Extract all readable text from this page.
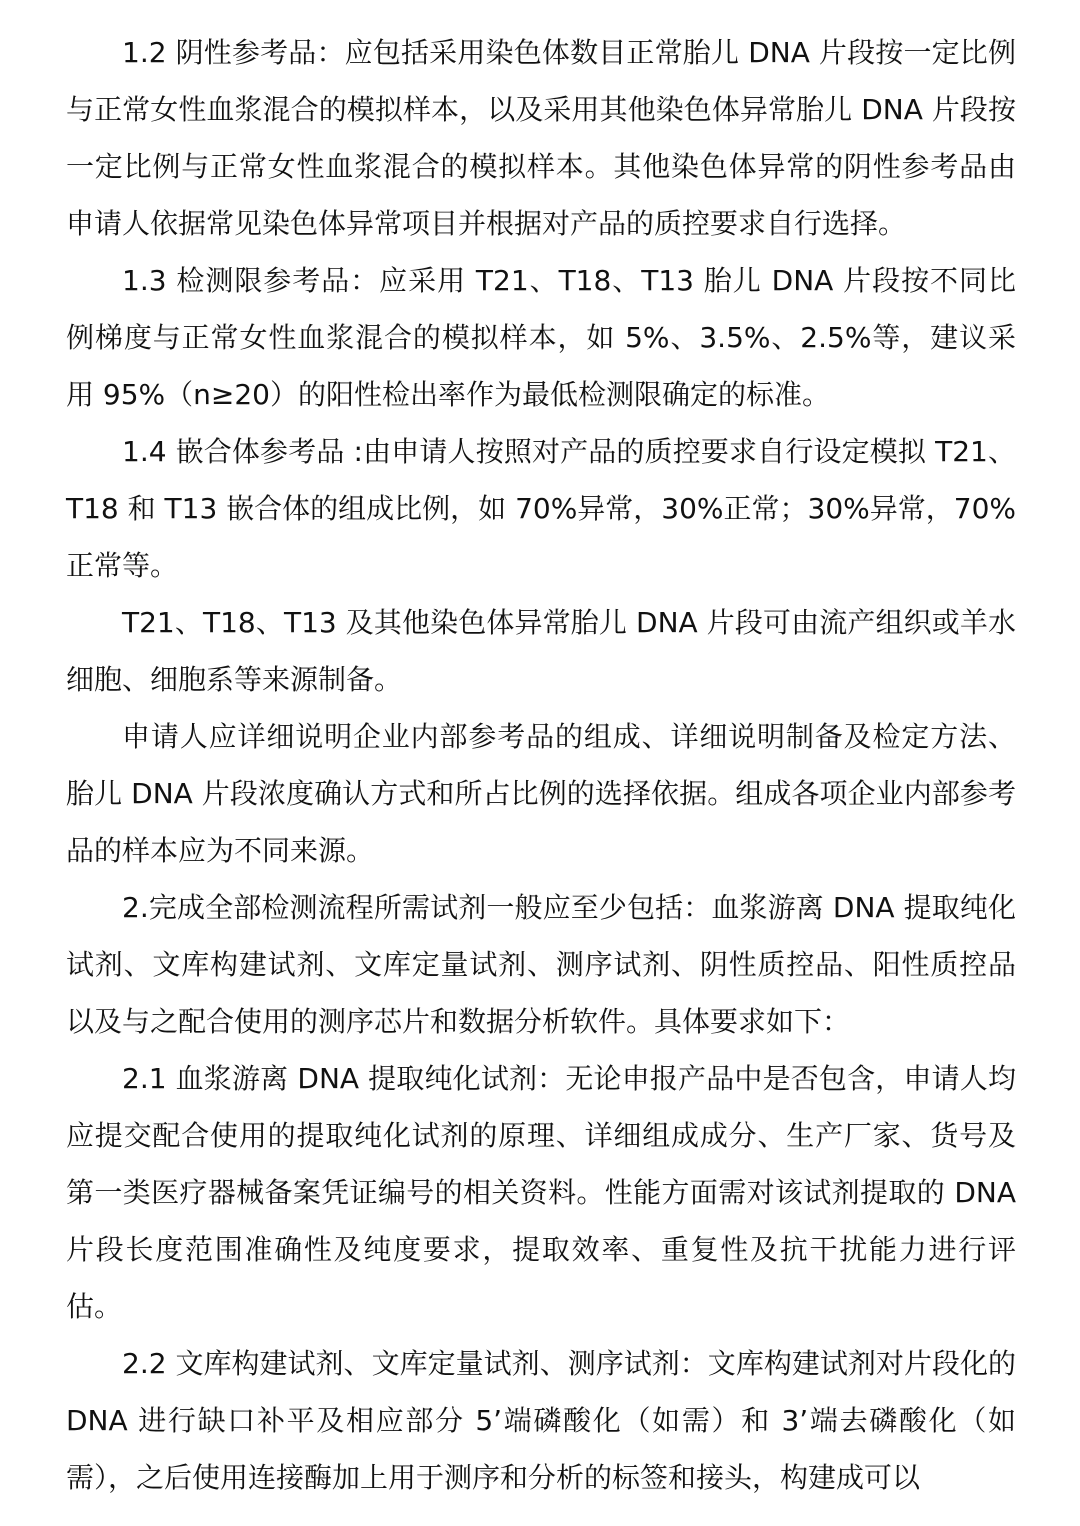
1.2 阴性参考品：应包括采用染色体数目正常胎儿 DNA 片段按一定比例与正常女性血浆混合的模拟样本，以及采用其他染色体异常胎儿 DNA 片段按一定比例与正常女性血浆混合的模拟样本。其他染色体异常的阴性参考品由申请人依据常见染色体异常项目并根据对产品的质控要求自行选择。

1.3 检测限参考品：应采用 T21、T18、T13 胎儿 DNA 片段按不同比例梯度与正常女性血浆混合的模拟样本，如 5%、3.5%、2.5%等，建议采用 95%（n≥20）的阳性检出率作为最低检测限确定的标准。

1.4 嵌合体参考品 :由申请人按照对产品的质控要求自行设定模拟 T21、T18 和 T13 嵌合体的组成比例，如 70%异常，30%正常；30%异常，70%正常等。

T21、T18、T13 及其他染色体异常胎儿 DNA 片段可由流产组织或羊水细胞、细胞系等来源制备。

申请人应详细说明企业内部参考品的组成、详细说明制备及检定方法、胎儿 DNA 片段浓度确认方式和所占比例的选择依据。组成各项企业内部参考品的样本应为不同来源。

2.完成全部检测流程所需试剂一般应至少包括：血浆游离 DNA 提取纯化试剂、文库构建试剂、文库定量试剂、测序试剂、阴性质控品、阳性质控品以及与之配合使用的测序芯片和数据分析软件。具体要求如下：

2.1 血浆游离 DNA 提取纯化试剂：无论申报产品中是否包含，申请人均应提交配合使用的提取纯化试剂的原理、详细组成成分、生产厂家、货号及第一类医疗器械备案凭证编号的相关资料。性能方面需对该试剂提取的 DNA 片段长度范围准确性及纯度要求，提取效率、重复性及抗干扰能力进行评估。

2.2 文库构建试剂、文库定量试剂、测序试剂：文库构建试剂对片段化的 DNA 进行缺口补平及相应部分 5’端磷酸化（如需）和 3’端去磷酸化（如需），之后使用连接酶加上用于测序和分析的标签和接头，构建成可以
